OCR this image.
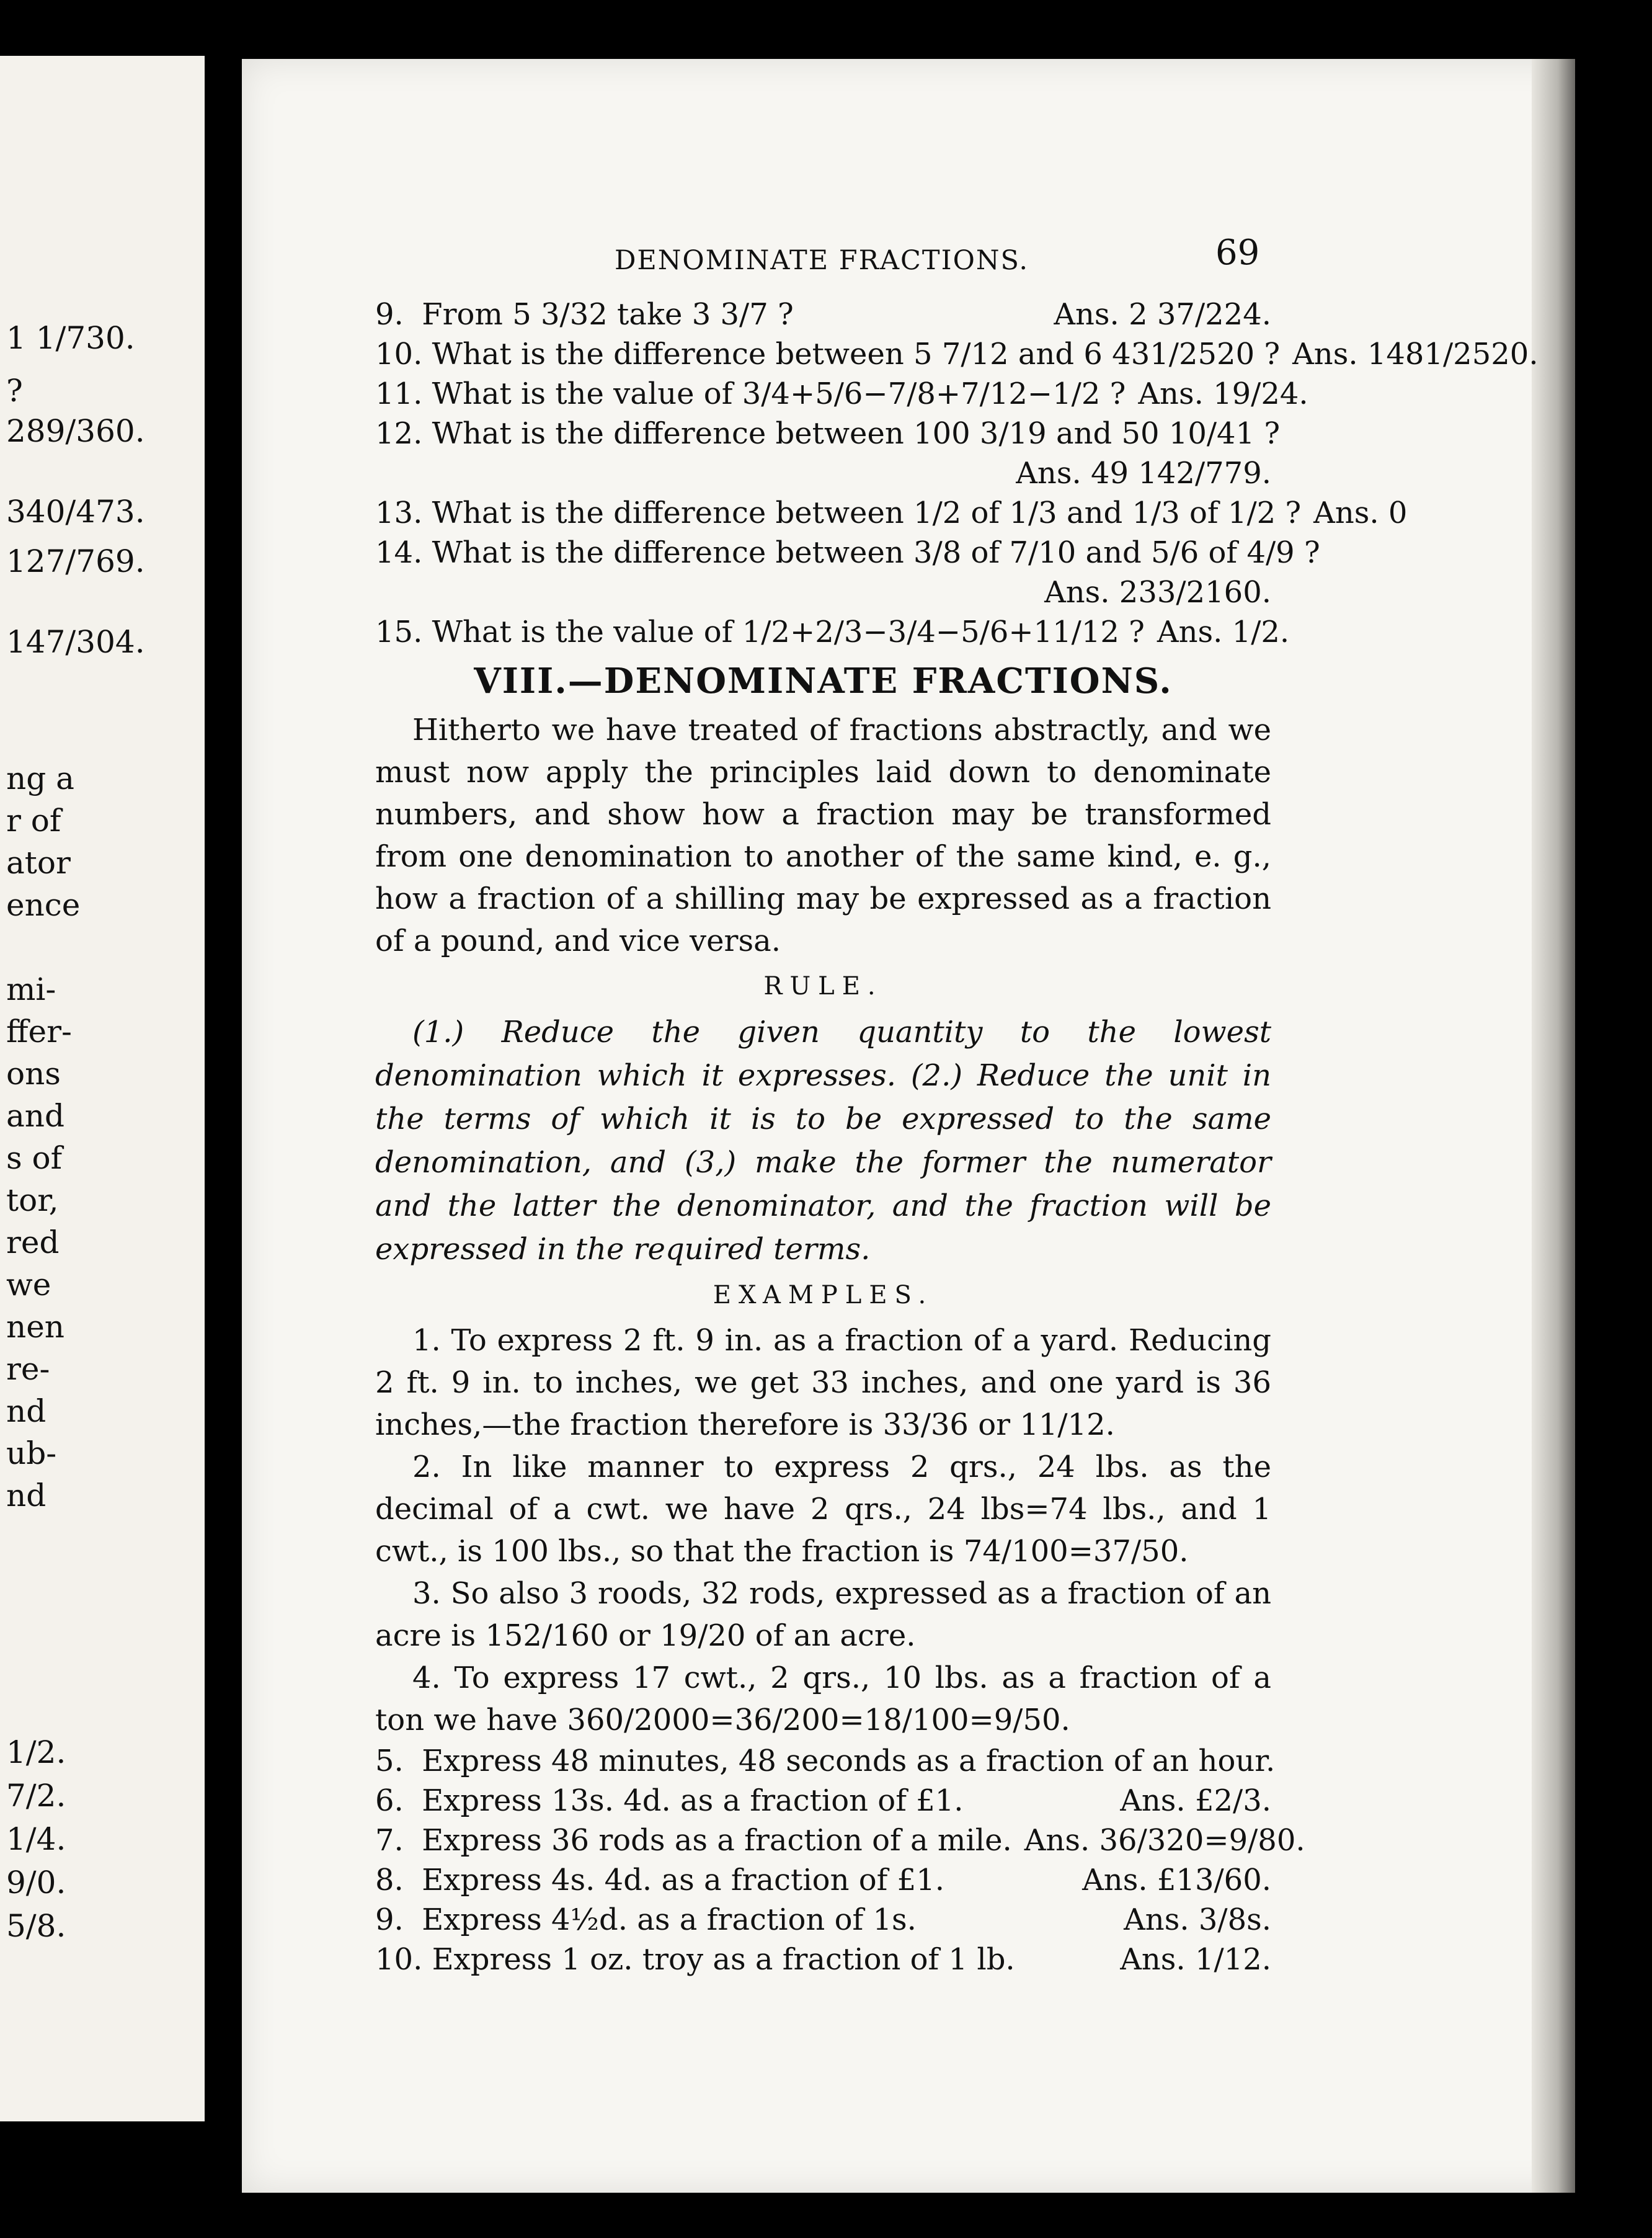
1 1/730.
?
289/360.
340/473.
127/769.
147/304.
ng a
r of
ator
ence
mi-
ffer-
ons
and
s of
tor,
red
we
nen
re-
nd
ub-
nd
1/2.
7/2.
1/4.
9/0.
5/8.
DENOMINATE FRACTIONS.	69
9. From 5 3/32 take 3 3/7 ?	Ans. 2 37/224.
10. What is the difference between 5 7/12 and 6 431/2520 ? Ans. 1481/2520.
11. What is the value of 3/4+5/6−7/8+7/12−1/2 ? Ans. 19/24.
12. What is the difference between 100 3/19 and 50 10/41 ?
Ans. 49 142/779.
13. What is the difference between 1/2 of 1/3 and 1/3 of 1/2 ? Ans. 0
14. What is the difference between 3/8 of 7/10 and 5/6 of 4/9 ?
Ans. 233/2160.
15. What is the value of 1/2+2/3−3/4−5/6+11/12 ? Ans. 1/2.
VIII.—DENOMINATE FRACTIONS.

Hitherto we have treated of fractions abstractly, and we must now apply the principles laid down to denominate numbers, and show how a fraction may be transformed from one denomination to another of the same kind, e. g., how a fraction of a shilling may be expressed as a fraction of a pound, and vice versa.

RULE.

(1.) Reduce the given quantity to the lowest denomination which it expresses. (2.) Reduce the unit in the terms of which it is to be expressed to the same denomination, and (3,) make the former the numerator and the latter the denominator, and the fraction will be expressed in the required terms.

EXAMPLES.

1. To express 2 ft. 9 in. as a fraction of a yard. Reducing 2 ft. 9 in. to inches, we get 33 inches, and one yard is 36 inches,—the fraction therefore is 33/36 or 11/12.

2. In like manner to express 2 qrs., 24 lbs. as the decimal of a cwt. we have 2 qrs., 24 lbs=74 lbs., and 1 cwt., is 100 lbs., so that the fraction is 74/100=37/50.

3. So also 3 roods, 32 rods, expressed as a fraction of an acre is 152/160 or 19/20 of an acre.

4. To express 17 cwt., 2 qrs., 10 lbs. as a fraction of a ton we have 360/2000=36/200=18/100=9/50.

5. Express 48 minutes, 48 seconds as a fraction of an hour.
6. Express 13s. 4d. as a fraction of £1.	Ans. £2/3.
7. Express 36 rods as a fraction of a mile. Ans. 36/320=9/80.
8. Express 4s. 4d. as a fraction of £1.	Ans. £13/60.
9. Express 4½d. as a fraction of 1s.	Ans. 3/8s.
10. Express 1 oz. troy as a fraction of 1 lb.	Ans. 1/12.
